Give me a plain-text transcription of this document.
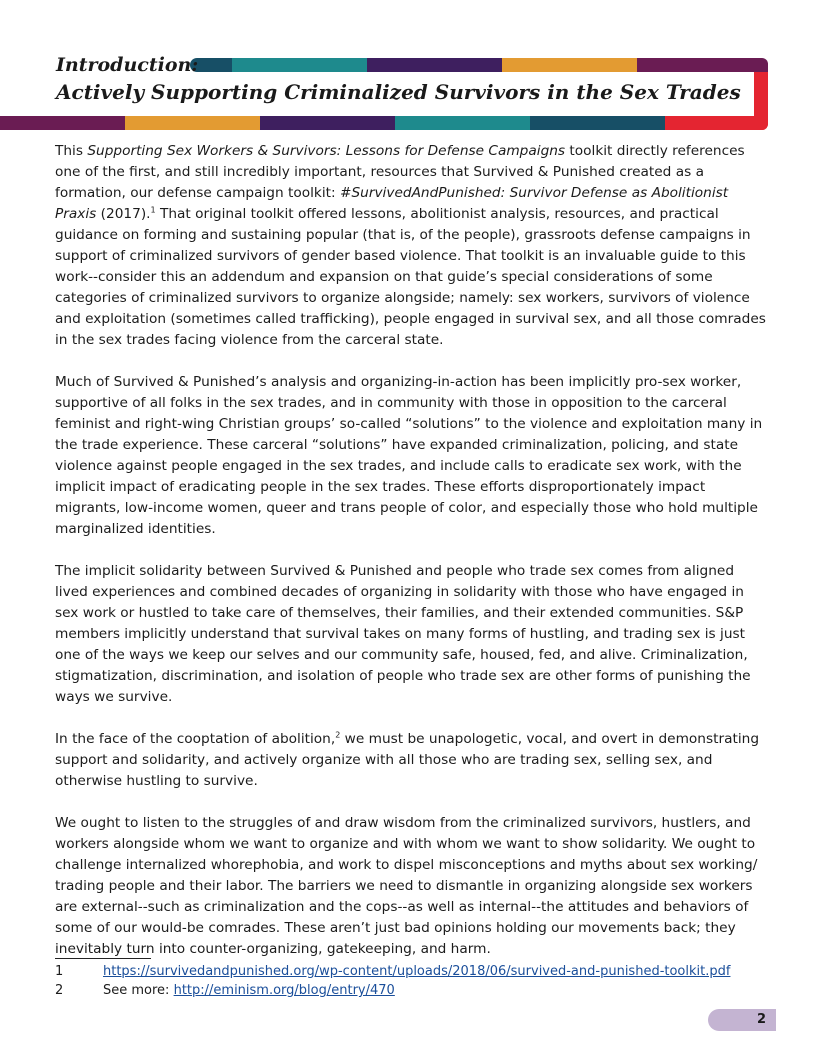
Introduction:
Actively Supporting Criminalized Survivors in the Sex Trades

This Supporting Sex Workers & Survivors: Lessons for Defense Campaigns toolkit directly references one of the first, and still incredibly important, resources that Survived & Punished created as a formation, our defense campaign toolkit: #SurvivedAndPunished: Survivor Defense as Abolitionist Praxis (2017).$^1$ That original toolkit offered lessons, abolitionist analysis, resources, and practical guidance on forming and sustaining popular (that is, of the people), grassroots defense campaigns in support of criminalized survivors of gender based violence. That toolkit is an invaluable guide to this work--consider this an addendum and expansion on that guide’s special considerations of some categories of criminalized survivors to organize alongside; namely: sex workers, survivors of violence and exploitation (sometimes called trafficking), people engaged in survival sex, and all those comrades in the sex trades facing violence from the carceral state.

Much of Survived & Punished’s analysis and organizing-in-action has been implicitly pro-sex worker, supportive of all folks in the sex trades, and in community with those in opposition to the carceral feminist and right-wing Christian groups’ so-called “solutions” to the violence and exploitation many in the trade experience. These carceral “solutions” have expanded criminalization, policing, and state violence against people engaged in the sex trades, and include calls to eradicate sex work, with the implicit impact of eradicating people in the sex trades. These efforts disproportionately impact migrants, low-income women, queer and trans people of color, and especially those who hold multiple marginalized identities.

The implicit solidarity between Survived & Punished and people who trade sex comes from aligned lived experiences and combined decades of organizing in solidarity with those who have engaged in sex work or hustled to take care of themselves, their families, and their extended communities. S&P members implicitly understand that survival takes on many forms of hustling, and trading sex is just one of the ways we keep our selves and our community safe, housed, fed, and alive. Criminalization, stigmatization, discrimination, and isolation of people who trade sex are other forms of punishing the ways we survive.

In the face of the cooptation of abolition,$^2$ we must be unapologetic, vocal, and overt in demonstrating support and solidarity, and actively organize with all those who are trading sex, selling sex, and otherwise hustling to survive.

We ought to listen to the struggles of and draw wisdom from the criminalized survivors, hustlers, and workers alongside whom we want to organize and with whom we want to show solidarity. We ought to challenge internalized whorephobia, and work to dispel misconceptions and myths about sex working/ trading people and their labor. The barriers we need to dismantle in organizing alongside sex workers are external--such as criminalization and the cops--as well as internal--the attitudes and behaviors of some of our would-be comrades. These aren’t just bad opinions holding our movements back; they inevitably turn into counter-organizing, gatekeeping, and harm.

1	https://survivedandpunished.org/wp-content/uploads/2018/06/survived-and-punished-toolkit.pdf
2	See more: http://eminism.org/blog/entry/470
2
